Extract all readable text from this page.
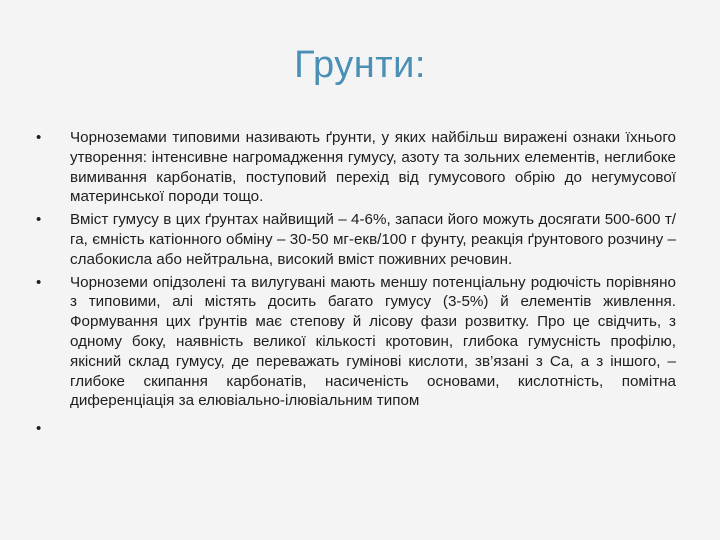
Грунти:
•	Чорноземами типовими називають ґрунти, у яких найбільш виражені ознаки їхнього утворення: інтенсивне нагромадження гумусу, азоту та зольних елементів, неглибоке вимивання карбонатів, поступовий перехід від гумусового обрію до негумусової материнської породи тощо.
•	Вміст гумусу в цих ґрунтах найвищий – 4-6%, запаси його можуть досягати 500-600 т/га, ємність катіонного обміну – 30-50 мг-екв/100 г фунту, реакція ґрунтового розчину – слабокисла або нейтральна, високий вміст поживних речовин.
•	Чорноземи опідзолені та вилугувані мають меншу потенціальну родючість порівняно з типовими, алі містять досить багато гумусу (3-5%) й елементів живлення. Формування цих ґрунтів має степову й лісову фази розвитку. Про це свідчить, з одному боку, наявність великої кількості кротовин, глибока гумусність профілю, якісний склад гумусу, де переважать гумінові кислоти, зв’язані з Са, а з іншого, – глибоке скипання карбонатів, насиченість основами, кислотність, помітна диференціація за елювіально-ілювіальним типом
•
